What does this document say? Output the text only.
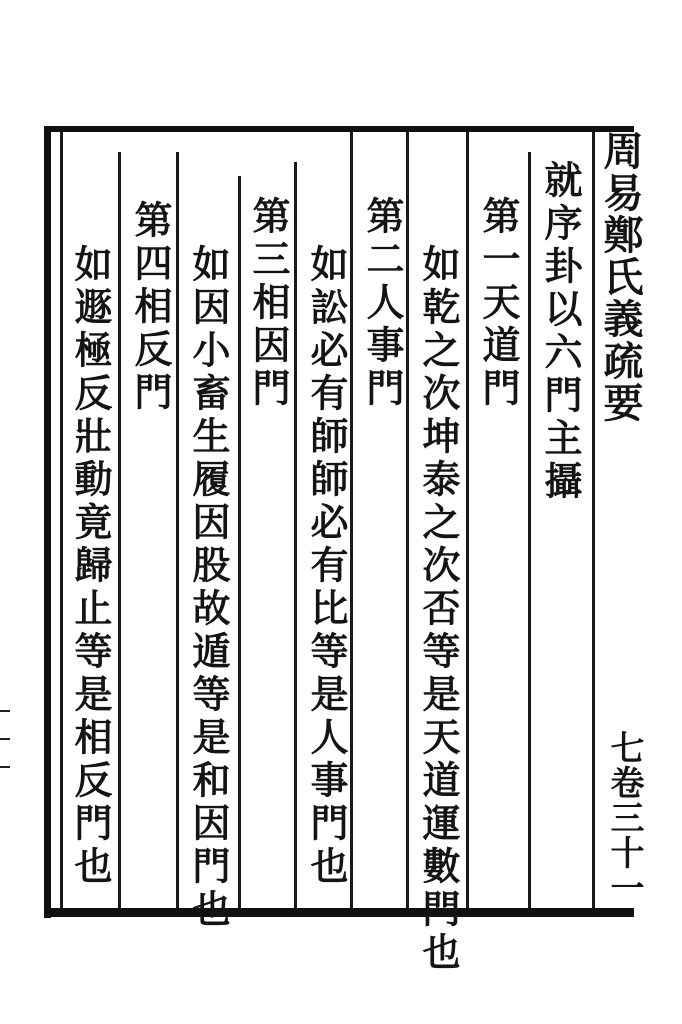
周易鄭氏義疏要
七卷三十一
就序卦以六門主攝
第一天道門
如乾之次坤泰之次否等是天道運數門也
第二人事門
如訟必有師師必有比等是人事門也
第三相因門
如因小畜生履因股故遁等是和因門也
第四相反門
如遯極反壯動竟歸止等是相反門也
